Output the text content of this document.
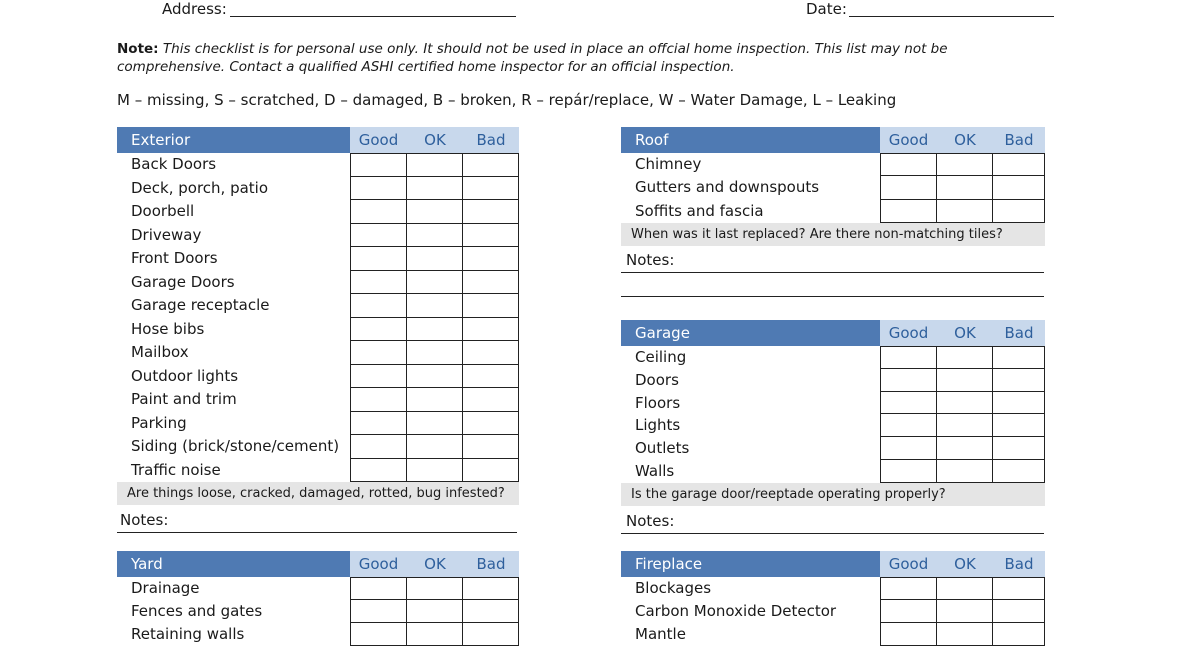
Address:	Date:
Note: This checklist is for personal use only. It should not be used in place an offcial home inspection. This list may not be comprehensive. Contact a qualified ASHI certified home inspector for an official inspection.
M – missing, S – scratched, D – damaged, B – broken, R – repár/replace, W – Water Damage, L – Leaking
Exterior	Good	OK	Bad
Back Doors
Deck, porch, patio
Doorbell
Driveway
Front Doors
Garage Doors
Garage receptacle
Hose bibs
Mailbox
Outdoor lights
Paint and trim
Parking
Siding (brick/stone/cement)
Traffic noise
Are things loose, cracked, damaged, rotted, bug infested?
Notes:
Roof	Good	OK	Bad
Chimney
Gutters and downspouts
Soffits and fascia
When was it last replaced? Are there non-matching tiles?
Notes:
Garage	Good	OK	Bad
Ceiling
Doors
Floors
Lights
Outlets
Walls
Is the garage door/reeptade operating properly?
Notes:
Yard	Good	OK	Bad
Drainage
Fences and gates
Retaining walls
Fireplace	Good	OK	Bad
Blockages
Carbon Monoxide Detector
Mantle
